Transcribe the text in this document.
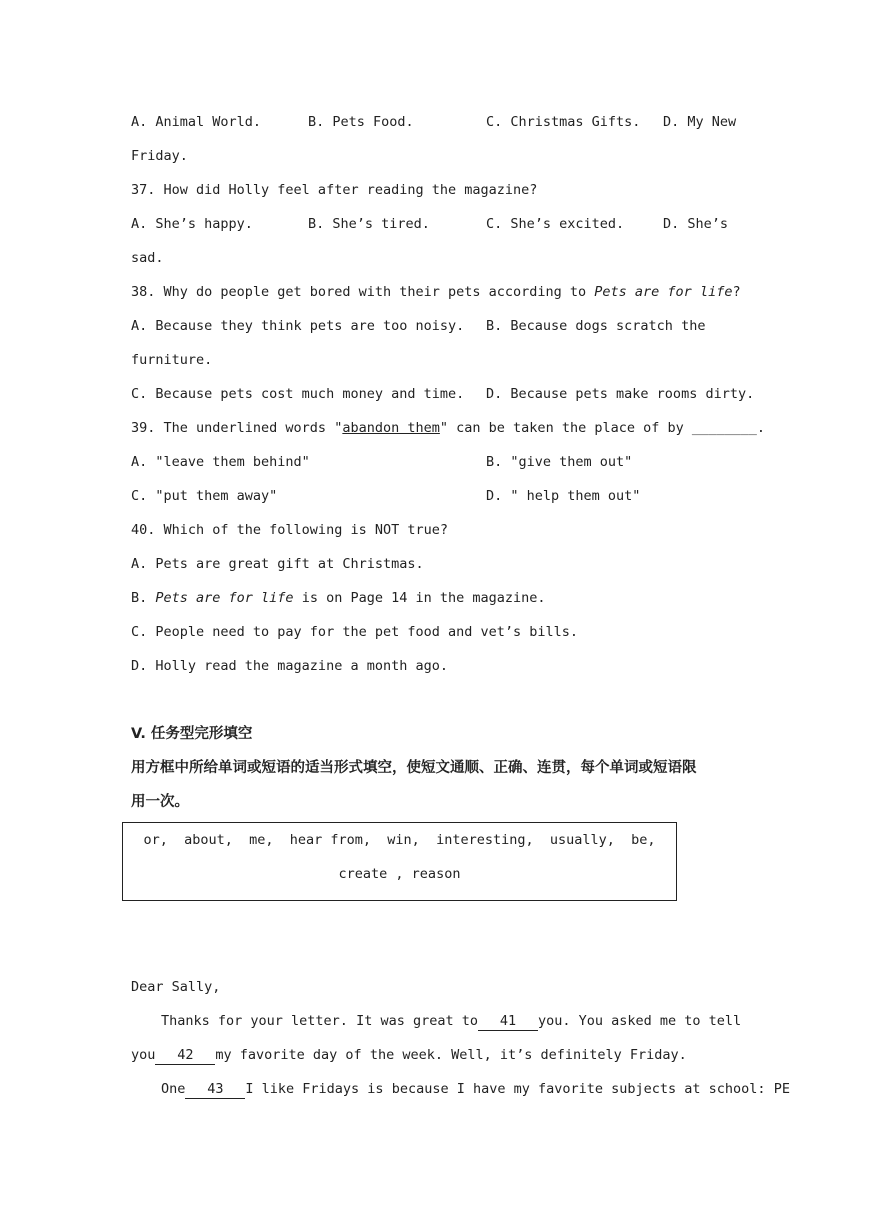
A. Animal World.	B. Pets Food.	C. Christmas Gifts. D. My New
Friday.
37. How did Holly feel after reading the magazine?
A. She’s happy.	B. She’s tired.	C. She’s excited.	D. She’s
sad.
38. Why do people get bored with their pets according to Pets are for life?
A. Because they think pets are too noisy. B. Because dogs scratch the
furniture.
C. Because pets cost much money and time. D. Because pets make rooms dirty.
39. The underlined words "abandon them" can be taken the place of by ________.
A. "leave them behind"	B. "give them out"
C. "put them away"	D. " help them out"
40. Which of the following is NOT true?
A. Pets are great gift at Christmas.
B. Pets are for life is on Page 14 in the magazine.
C. People need to pay for the pet food and vet’s bills.
D. Holly read the magazine a month ago.
V. 任务型完形填空
用方框中所给单词或短语的适当形式填空，使短文通顺、正确、连贯，每个单词或短语限
用一次。
or,  about,  me,  hear from,  win,  interesting,  usually,  be,
create , reason
Dear Sally,
Thanks for your letter. It was great to 41 you. You asked me to tell
you 42 my favorite day of the week. Well, it’s definitely Friday.
One 43 I like Fridays is because I have my favorite subjects at school: PE
